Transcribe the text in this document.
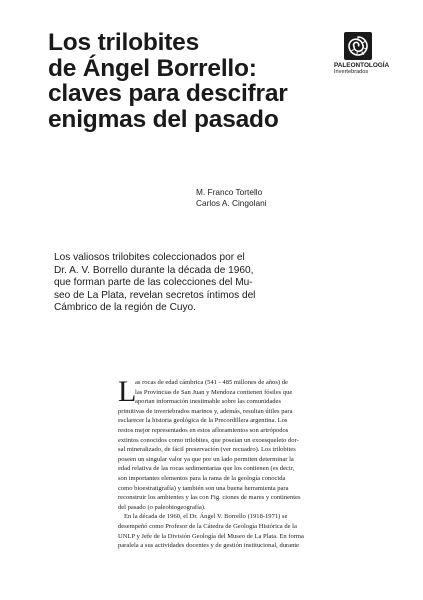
Los trilobites
de Ángel Borrello:
claves para descifrar
enigmas del pasado
PALEONTOLOGÍA
Invertebrados
M. Franco Tortello
Carlos A. Cingolani
Los valiosos trilobites coleccionados por el
Dr. A. V. Borrello durante la década de 1960,
que forman parte de las colecciones del Mu-
seo de La Plata, revelan secretos íntimos del
Cámbrico de la región de Cuyo.
L
as rocas de edad cámbrica (541 - 485 millones de años) de
las Provincias de San Juan y Mendoza contienen fósiles que
aportan información inestimable sobre las comunidades
primitivas de invertebrados marinos y, además, resultan útiles para
esclarecer la historia geológica de la Precordillera argentina. Los
restos mejor representados en estos afloramientos son artrópodos
extintos conocidos como trilobites, que poseían un exoesqueleto dor-
sal mineralizado, de fácil preservación (ver recuadro). Los trilobites
poseen un singular valor ya que por un lado permiten determinar la
edad relativa de las rocas sedimentarias que los contienen (es decir,
son importantes elementos para la rama de la geología conocida
como bioestratigrafía) y también son una buena herramienta para
reconstruir los ambientes y las con Fig. ciones de mares y continentes
del pasado (o paleobiogeografía).
En la década de 1960, el Dr. Ángel V. Borrello (1918-1971) se
desempeñó como Profesor de la Cátedra de Geología Histórica de la
UNLP y Jefe de la División Geología del Museo de La Plata. En forma
paralela a sus actividades docentes y de gestión institucional, durante
